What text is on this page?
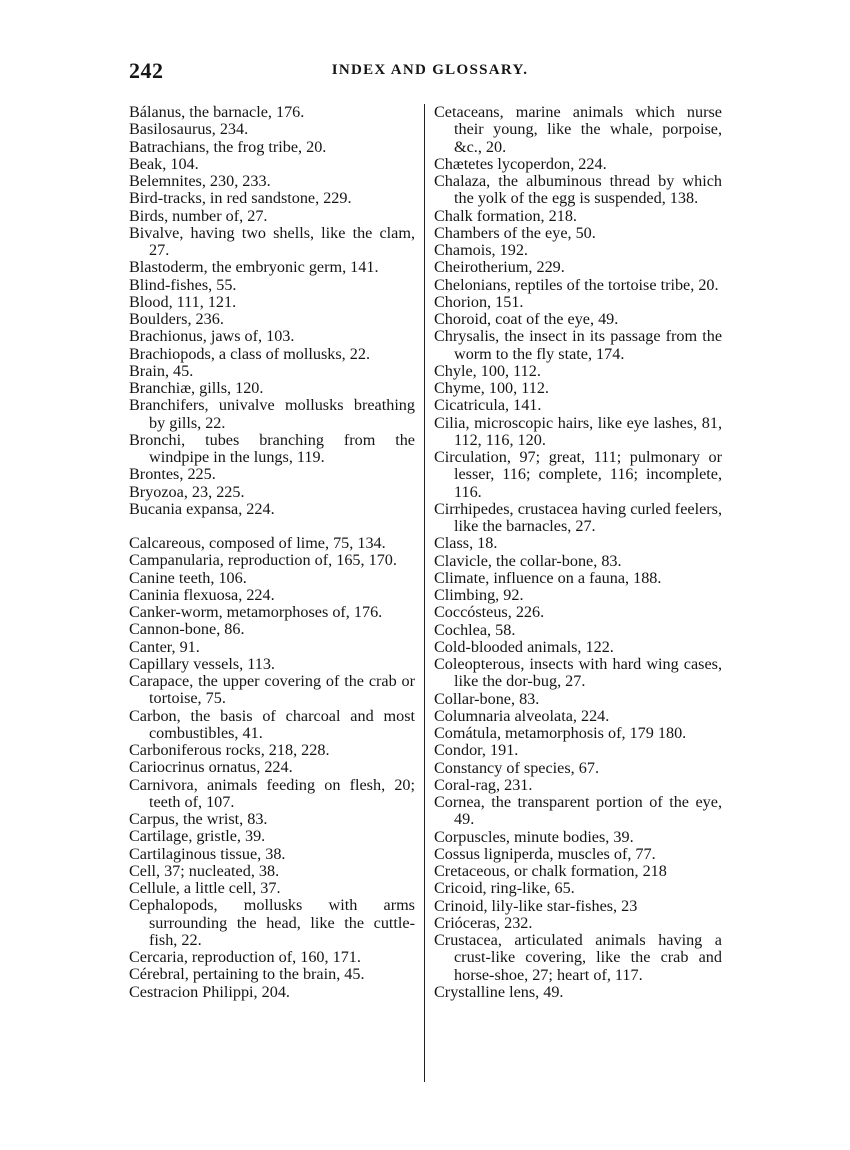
242	INDEX AND GLOSSARY.

Bálanus, the barnacle, 176.

Basilosaurus, 234.

Batrachians, the frog tribe, 20.

Beak, 104.

Belemnites, 230, 233.

Bird-tracks, in red sandstone, 229.

Birds, number of, 27.

Bivalve, having two shells, like the clam, 27.

Blastoderm, the embryonic germ, 141.

Blind-fishes, 55.

Blood, 111, 121.

Boulders, 236.

Brachionus, jaws of, 103.

Brachiopods, a class of mollusks, 22.

Brain, 45.

Branchiæ, gills, 120.

Branchifers, univalve mollusks breathing by gills, 22.

Bronchi, tubes branching from the windpipe in the lungs, 119.

Brontes, 225.

Bryozoa, 23, 225.

Bucania expansa, 224.

Calcareous, composed of lime, 75, 134.

Campanularia, reproduction of, 165, 170.

Canine teeth, 106.

Caninia flexuosa, 224.

Canker-worm, metamorphoses of, 176.

Cannon-bone, 86.

Canter, 91.

Capillary vessels, 113.

Carapace, the upper covering of the crab or tortoise, 75.

Carbon, the basis of charcoal and most combustibles, 41.

Carboniferous rocks, 218, 228.

Cariocrinus ornatus, 224.

Carnivora, animals feeding on flesh, 20; teeth of, 107.

Carpus, the wrist, 83.

Cartilage, gristle, 39.

Cartilaginous tissue, 38.

Cell, 37; nucleated, 38.

Cellule, a little cell, 37.

Cephalopods, mollusks with arms surrounding the head, like the cuttle-fish, 22.

Cercaria, reproduction of, 160, 171.

Cérebral, pertaining to the brain, 45.

Cestracion Philippi, 204.

Cetaceans, marine animals which nurse their young, like the whale, porpoise, &c., 20.

Chætetes lycoperdon, 224.

Chalaza, the albuminous thread by which the yolk of the egg is suspended, 138.

Chalk formation, 218.

Chambers of the eye, 50.

Chamois, 192.

Cheirotherium, 229.

Chelonians, reptiles of the tortoise tribe, 20.

Chorion, 151.

Choroid, coat of the eye, 49.

Chrysalis, the insect in its passage from the worm to the fly state, 174.

Chyle, 100, 112.

Chyme, 100, 112.

Cicatricula, 141.

Cilia, microscopic hairs, like eye lashes, 81, 112, 116, 120.

Circulation, 97; great, 111; pulmonary or lesser, 116; complete, 116; incomplete, 116.

Cirrhipedes, crustacea having curled feelers, like the barnacles, 27.

Class, 18.

Clavicle, the collar-bone, 83.

Climate, influence on a fauna, 188.

Climbing, 92.

Coccósteus, 226.

Cochlea, 58.

Cold-blooded animals, 122.

Coleopterous, insects with hard wing cases, like the dor-bug, 27.

Collar-bone, 83.

Columnaria alveolata, 224.

Comátula, metamorphosis of, 179 180.

Condor, 191.

Constancy of species, 67.

Coral-rag, 231.

Cornea, the transparent portion of the eye, 49.

Corpuscles, minute bodies, 39.

Cossus ligniperda, muscles of, 77.

Cretaceous, or chalk formation, 218

Cricoid, ring-like, 65.

Crinoid, lily-like star-fishes, 23

Crióceras, 232.

Crustacea, articulated animals having a crust-like covering, like the crab and horse-shoe, 27; heart of, 117.

Crystalline lens, 49.
